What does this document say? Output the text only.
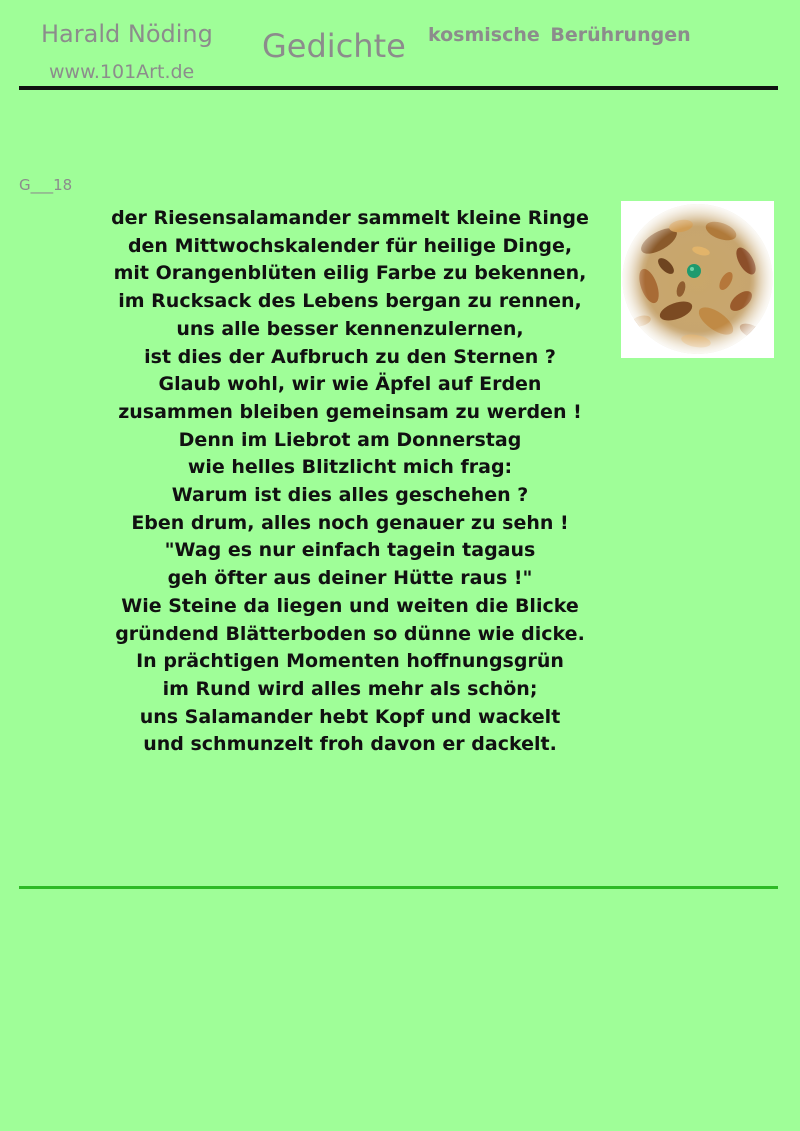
Harald Nöding
www.101Art.de
Gedichte kosmische Berührungen
G___18
der Riesensalamander sammelt kleine Ringe
den Mittwochskalender für heilige Dinge,
mit Orangenblüten eilig Farbe zu bekennen,
im Rucksack des Lebens bergan zu rennen,
uns alle besser kennenzulernen,
ist dies der Aufbruch zu den Sternen ?
Glaub wohl, wir wie Äpfel auf Erden
zusammen bleiben gemeinsam zu werden !
Denn im Liebrot am Donnerstag
wie helles Blitzlicht mich frag:
Warum ist dies alles geschehen ?
Eben drum, alles noch genauer zu sehn !
"Wag es nur einfach tagein tagaus
geh öfter aus deiner Hütte raus !"
Wie Steine da liegen und weiten die Blicke
gründend Blätterboden so dünne wie dicke.
In prächtigen Momenten hoffnungsgrün
im Rund wird alles mehr als schön;
uns Salamander hebt Kopf und wackelt
und schmunzelt froh davon er dackelt.
